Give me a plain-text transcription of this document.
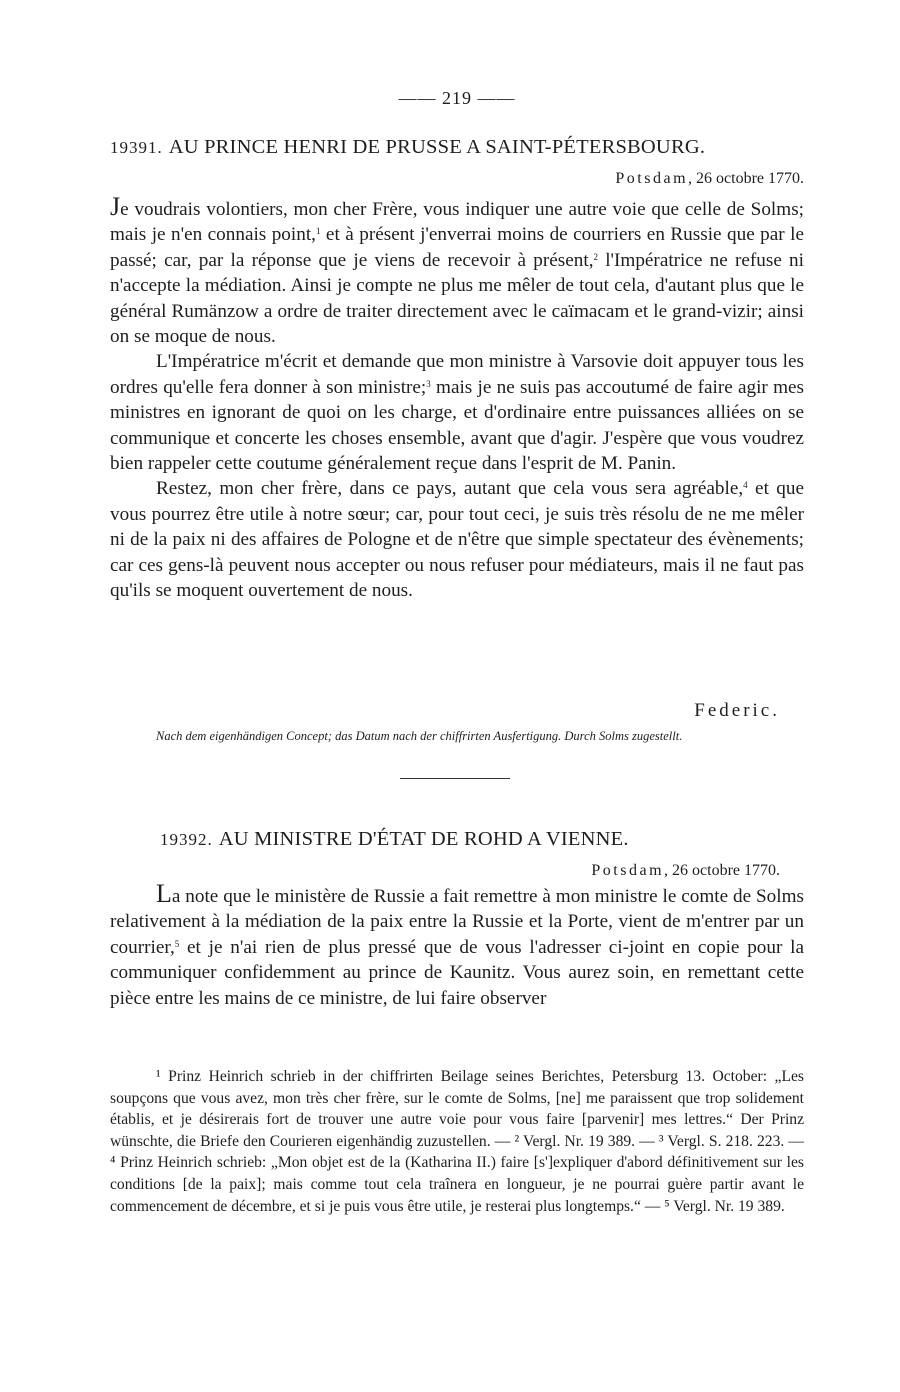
—— 219 ——
19391. AU PRINCE HENRI DE PRUSSE A SAINT-PÉTERSBOURG.
Potsdam, 26 octobre 1770.

Je voudrais volontiers, mon cher Frère, vous indiquer une autre voie que celle de Solms; mais je n'en connais point,$^1$ et à présent j'enverrai moins de courriers en Russie que par le passé; car, par la réponse que je viens de recevoir à présent,$^2$ l'Impératrice ne refuse ni n'accepte la médiation. Ainsi je compte ne plus me mêler de tout cela, d'autant plus que le général Rumänzow a ordre de traiter directement avec le caïmacam et le grand-vizir; ainsi on se moque de nous.

L'Impératrice m'écrit et demande que mon ministre à Varsovie doit appuyer tous les ordres qu'elle fera donner à son ministre;$^3$ mais je ne suis pas accoutumé de faire agir mes ministres en ignorant de quoi on les charge, et d'ordinaire entre puissances alliées on se communique et concerte les choses ensemble, avant que d'agir. J'espère que vous voudrez bien rappeler cette coutume généralement reçue dans l'esprit de M. Panin.

Restez, mon cher frère, dans ce pays, autant que cela vous sera agréable,$^4$ et que vous pourrez être utile à notre sœur; car, pour tout ceci, je suis très résolu de ne me mêler ni de la paix ni des affaires de Pologne et de n'être que simple spectateur des évènements; car ces gens-là peuvent nous accepter ou nous refuser pour médiateurs, mais il ne faut pas qu'ils se moquent ouvertement de nous.

Federic.
Nach dem eigenhändigen Concept; das Datum nach der chiffrirten Ausfertigung. Durch Solms zugestellt.
19392. AU MINISTRE D'ÉTAT DE ROHD A VIENNE.
Potsdam, 26 octobre 1770.

La note que le ministère de Russie a fait remettre à mon ministre le comte de Solms relativement à la médiation de la paix entre la Russie et la Porte, vient de m'entrer par un courrier,$^5$ et je n'ai rien de plus pressé que de vous l'adresser ci-joint en copie pour la communiquer confidemment au prince de Kaunitz. Vous aurez soin, en remettant cette pièce entre les mains de ce ministre, de lui faire observer

¹ Prinz Heinrich schrieb in der chiffrirten Beilage seines Berichtes, Petersburg 13. October: „Les soupçons que vous avez, mon très cher frère, sur le comte de Solms, [ne] me paraissent que trop solidement établis, et je désirerais fort de trouver une autre voie pour vous faire [parvenir] mes lettres.“ Der Prinz wünschte, die Briefe den Courieren eigenhändig zuzustellen. — ² Vergl. Nr. 19 389. — ³ Vergl. S. 218. 223. — ⁴ Prinz Heinrich schrieb: „Mon objet est de la (Katharina II.) faire [s']expliquer d'abord définitivement sur les conditions [de la paix]; mais comme tout cela traînera en longueur, je ne pourrai guère partir avant le commencement de décembre, et si je puis vous être utile, je resterai plus longtemps.“ — ⁵ Vergl. Nr. 19 389.
